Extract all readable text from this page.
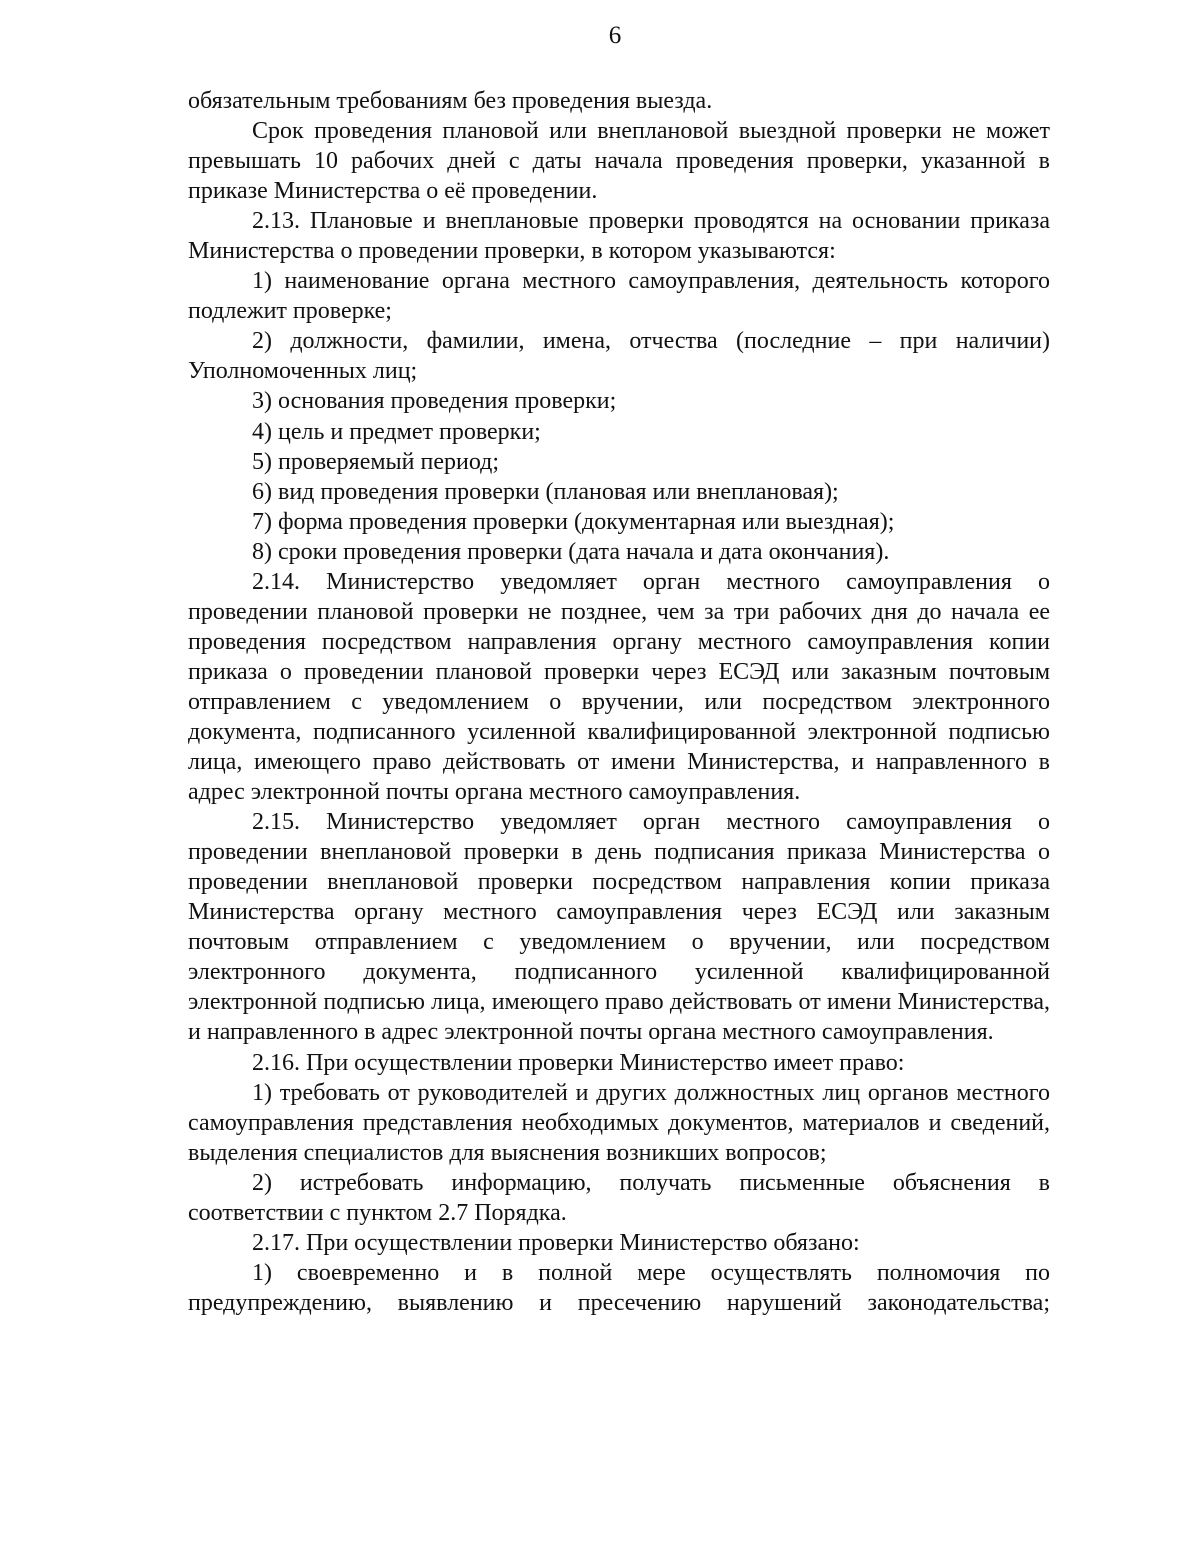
6

обязательным требованиям без проведения выезда.

Срок проведения плановой или внеплановой выездной проверки не может превышать 10 рабочих дней с даты начала проведения проверки, указанной в приказе Министерства о её проведении.

2.13. Плановые и внеплановые проверки проводятся на основании приказа Министерства о проведении проверки, в котором указываются:

1) наименование органа местного самоуправления, деятельность которого подлежит проверке;

2) должности, фамилии, имена, отчества (последние – при наличии) Уполномоченных лиц;

3) основания проведения проверки;

4) цель и предмет проверки;

5) проверяемый период;

6) вид проведения проверки (плановая или внеплановая);

7) форма проведения проверки (документарная или выездная);

8) сроки проведения проверки (дата начала и дата окончания).

2.14. Министерство уведомляет орган местного самоуправления о проведении плановой проверки не позднее, чем за три рабочих дня до начала ее проведения посредством направления органу местного самоуправления копии приказа о проведении плановой проверки через ЕСЭД или заказным почтовым отправлением с уведомлением о вручении, или посредством электронного документа, подписанного усиленной квалифицированной электронной подписью лица, имеющего право действовать от имени Министерства, и направленного в адрес электронной почты органа местного самоуправления.

2.15. Министерство уведомляет орган местного самоуправления о проведении внеплановой проверки в день подписания приказа Министерства о проведении внеплановой проверки посредством направления копии приказа Министерства органу местного самоуправления через ЕСЭД или заказным почтовым отправлением с уведомлением о вручении, или посредством электронного документа, подписанного усиленной квалифицированной электронной подписью лица, имеющего право действовать от имени Министерства, и направленного в адрес электронной почты органа местного самоуправления.

2.16. При осуществлении проверки Министерство имеет право:

1) требовать от руководителей и других должностных лиц органов местного самоуправления представления необходимых документов, материалов и сведений, выделения специалистов для выяснения возникших вопросов;

2) истребовать информацию, получать письменные объяснения в соответствии с пунктом 2.7 Порядка.

2.17. При осуществлении проверки Министерство обязано:

1) своевременно и в полной мере осуществлять полномочия по предупреждению, выявлению и пресечению нарушений законодательства;
